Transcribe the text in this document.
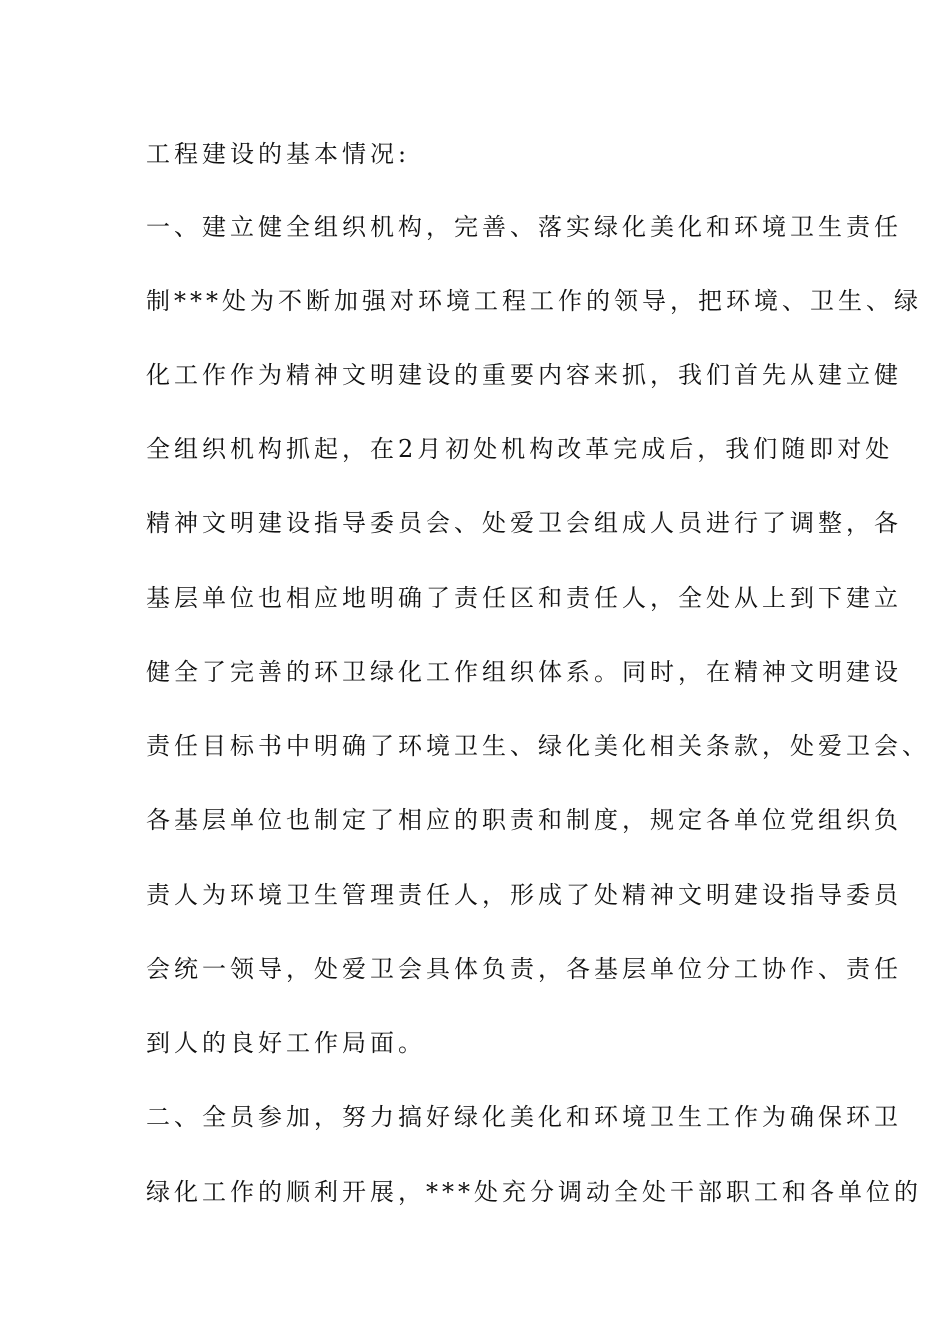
工程建设的基本情况:
一、建立健全组织机构，完善、落实绿化美化和环境卫生责任
制***处为不断加强对环境工程工作的领导，把环境、卫生、绿
化工作作为精神文明建设的重要内容来抓，我们首先从建立健
全组织机构抓起，在2月初处机构改革完成后，我们随即对处
精神文明建设指导委员会、处爱卫会组成人员进行了调整，各
基层单位也相应地明确了责任区和责任人，全处从上到下建立
健全了完善的环卫绿化工作组织体系。同时，在精神文明建设
责任目标书中明确了环境卫生、绿化美化相关条款，处爱卫会、
各基层单位也制定了相应的职责和制度，规定各单位党组织负
责人为环境卫生管理责任人，形成了处精神文明建设指导委员
会统一领导，处爱卫会具体负责，各基层单位分工协作、责任
到人的良好工作局面。
二、全员参加，努力搞好绿化美化和环境卫生工作为确保环卫
绿化工作的顺利开展，***处充分调动全处干部职工和各单位的
